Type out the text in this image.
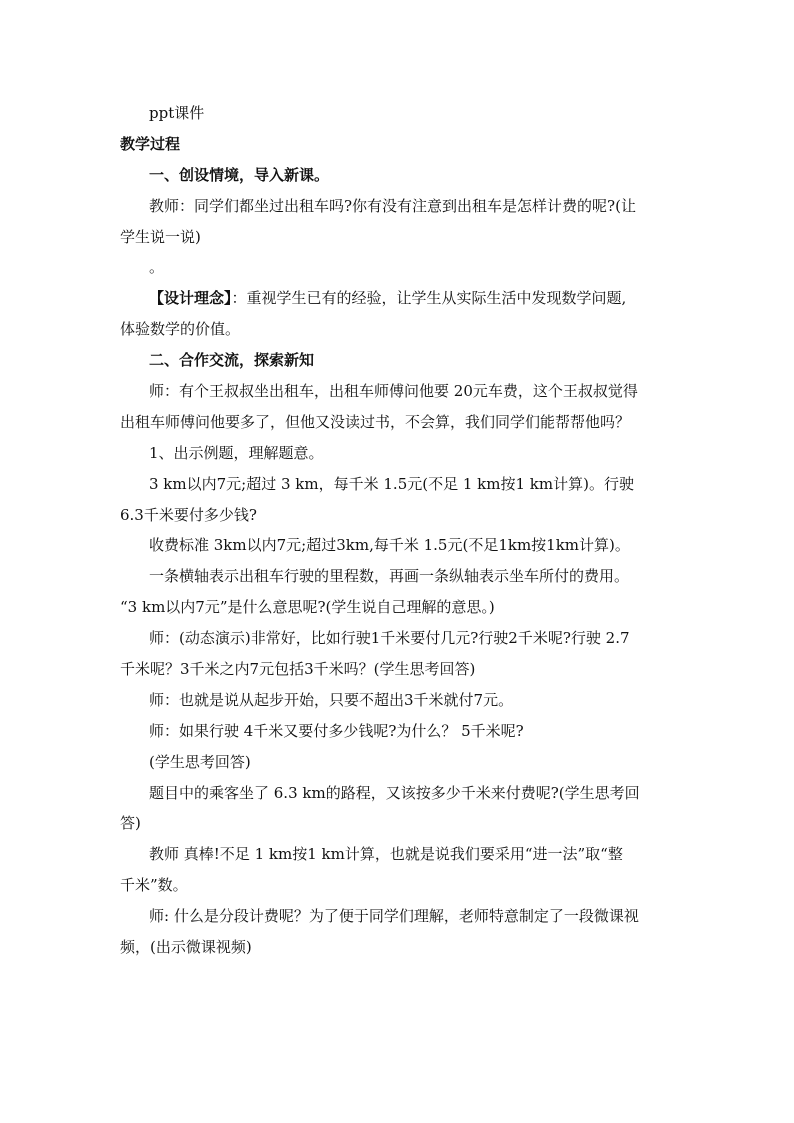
ppt课件
教学过程
一、创设情境，导入新课。
教师：同学们都坐过出租车吗?你有没有注意到出租车是怎样计费的呢?(让
学生说一说)
。
【设计理念】：重视学生已有的经验，让学生从实际生活中发现数学问题,
体验数学的价值。
二、合作交流，探索新知
师：有个王叔叔坐出租车，出租车师傅问他要 20元车费，这个王叔叔觉得
出租车师傅问他要多了，但他又没读过书，不会算，我们同学们能帮帮他吗？
1、出示例题，理解题意。
3 km以内7元;超过 3 km，每千米 1.5元(不足 1 km按1 km计算)。行驶
6.3千米要付多少钱?
收费标准 3km以内7元;超过3km,每千米 1.5元(不足1km按1km计算)。
一条横轴表示出租车行驶的里程数，再画一条纵轴表示坐车所付的费用。
“3 km以内7元”是什么意思呢?(学生说自己理解的意思。)
师：(动态演示)非常好，比如行驶1千米要付几元?行驶2千米呢?行驶 2.7
千米呢？3千米之内7元包括3千米吗？(学生思考回答)
师：也就是说从起步开始，只要不超出3千米就付7元。
师：如果行驶 4千米又要付多少钱呢?为什么？ 5千米呢?
(学生思考回答)
题目中的乘客坐了 6.3 km的路程，又该按多少千米来付费呢?(学生思考回
答)
教师 真棒!不足 1 km按1 km计算，也就是说我们要采用“进一法”取“整
千米”数。
师: 什么是分段计费呢？为了便于同学们理解，老师特意制定了一段微课视
频，(出示微课视频)
